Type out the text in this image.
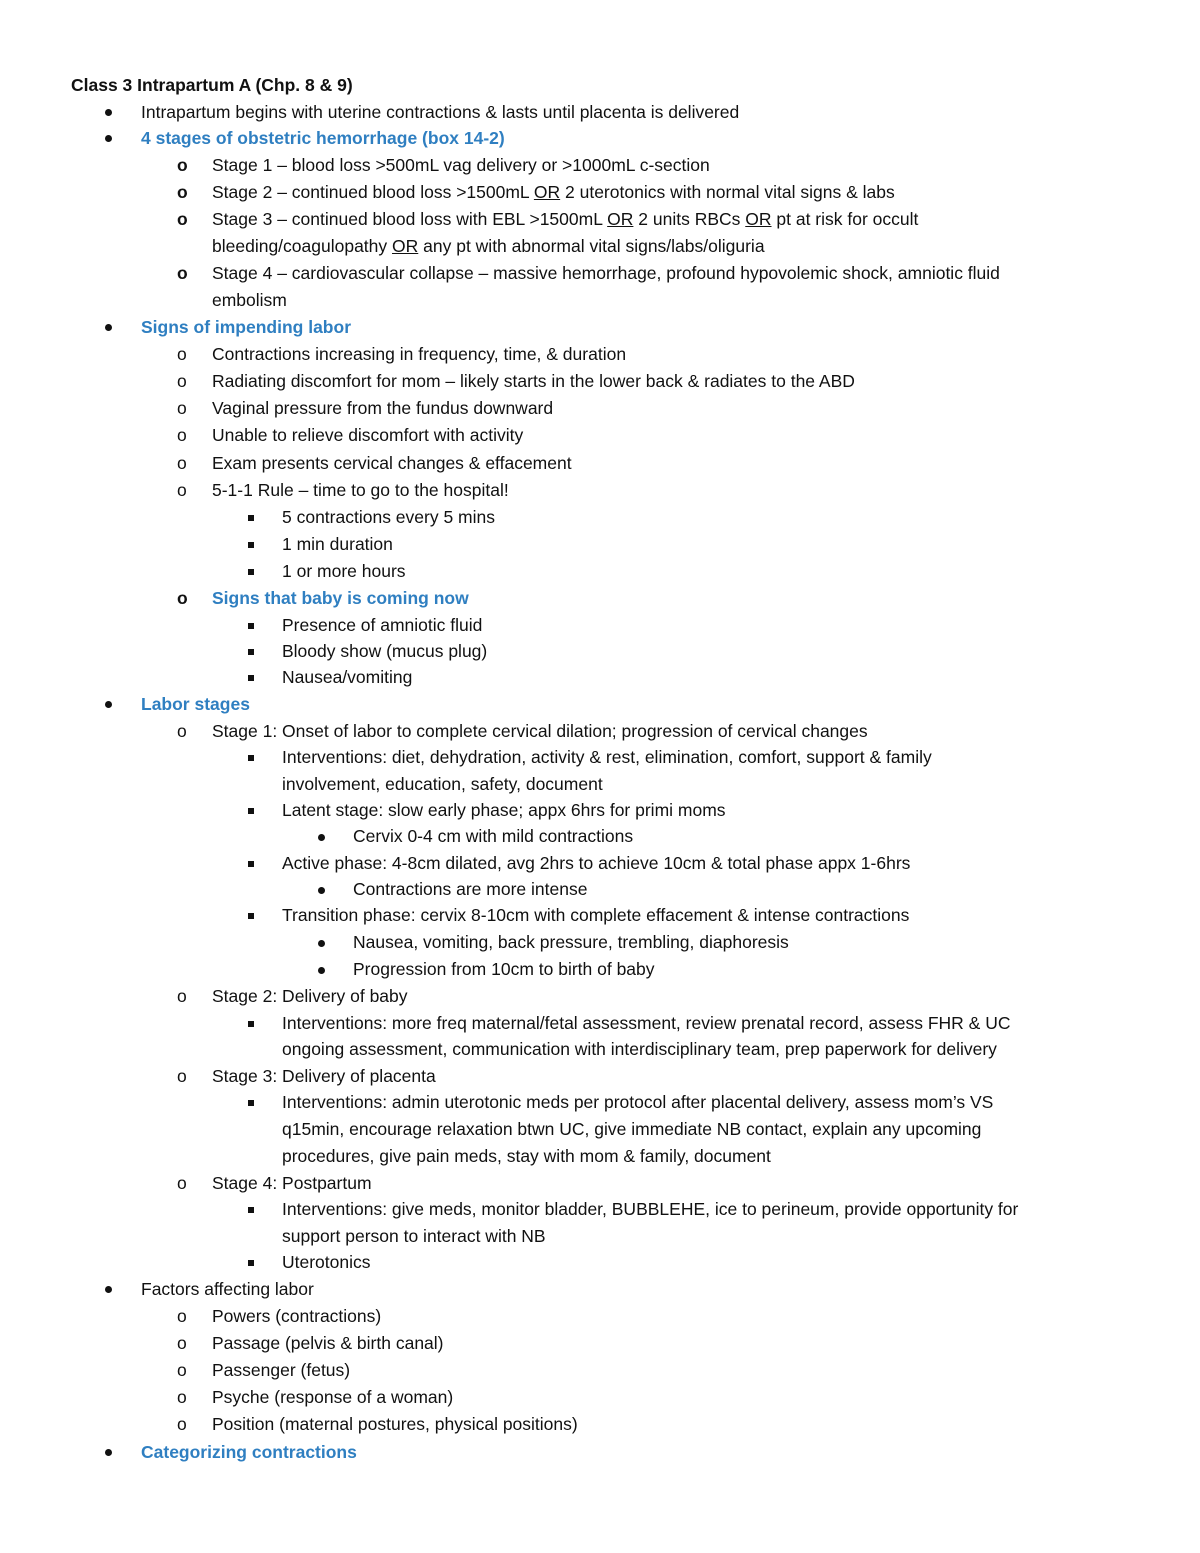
Class 3 Intrapartum A (Chp. 8 & 9)
Intrapartum begins with uterine contractions & lasts until placenta is delivered
4 stages of obstetric hemorrhage (box 14-2)
o Stage 1 – blood loss >500mL vag delivery or >1000mL c-section
o Stage 2 – continued blood loss >1500mL OR 2 uterotonics with normal vital signs & labs
o Stage 3 – continued blood loss with EBL >1500mL OR 2 units RBCs OR pt at risk for occult
bleeding/coagulopathy OR any pt with abnormal vital signs/labs/oliguria
o Stage 4 – cardiovascular collapse – massive hemorrhage, profound hypovolemic shock, amniotic fluid
embolism
Signs of impending labor
o Contractions increasing in frequency, time, & duration
o Radiating discomfort for mom – likely starts in the lower back & radiates to the ABD
o Vaginal pressure from the fundus downward
o Unable to relieve discomfort with activity
o Exam presents cervical changes & effacement
o 5-1-1 Rule – time to go to the hospital!
5 contractions every 5 mins
1 min duration
1 or more hours
o Signs that baby is coming now
Presence of amniotic fluid
Bloody show (mucus plug)
Nausea/vomiting
Labor stages
o Stage 1: Onset of labor to complete cervical dilation; progression of cervical changes
Interventions: diet, dehydration, activity & rest, elimination, comfort, support & family
involvement, education, safety, document
Latent stage: slow early phase; appx 6hrs for primi moms
Cervix 0-4 cm with mild contractions
Active phase: 4-8cm dilated, avg 2hrs to achieve 10cm & total phase appx 1-6hrs
Contractions are more intense
Transition phase: cervix 8-10cm with complete effacement & intense contractions
Nausea, vomiting, back pressure, trembling, diaphoresis
Progression from 10cm to birth of baby
o Stage 2: Delivery of baby
Interventions: more freq maternal/fetal assessment, review prenatal record, assess FHR & UC
ongoing assessment, communication with interdisciplinary team, prep paperwork for delivery
o Stage 3: Delivery of placenta
Interventions: admin uterotonic meds per protocol after placental delivery, assess mom’s VS
q15min, encourage relaxation btwn UC, give immediate NB contact, explain any upcoming
procedures, give pain meds, stay with mom & family, document
o Stage 4: Postpartum
Interventions: give meds, monitor bladder, BUBBLEHE, ice to perineum, provide opportunity for
support person to interact with NB
Uterotonics
Factors affecting labor
o Powers (contractions)
o Passage (pelvis & birth canal)
o Passenger (fetus)
o Psyche (response of a woman)
o Position (maternal postures, physical positions)
Categorizing contractions
